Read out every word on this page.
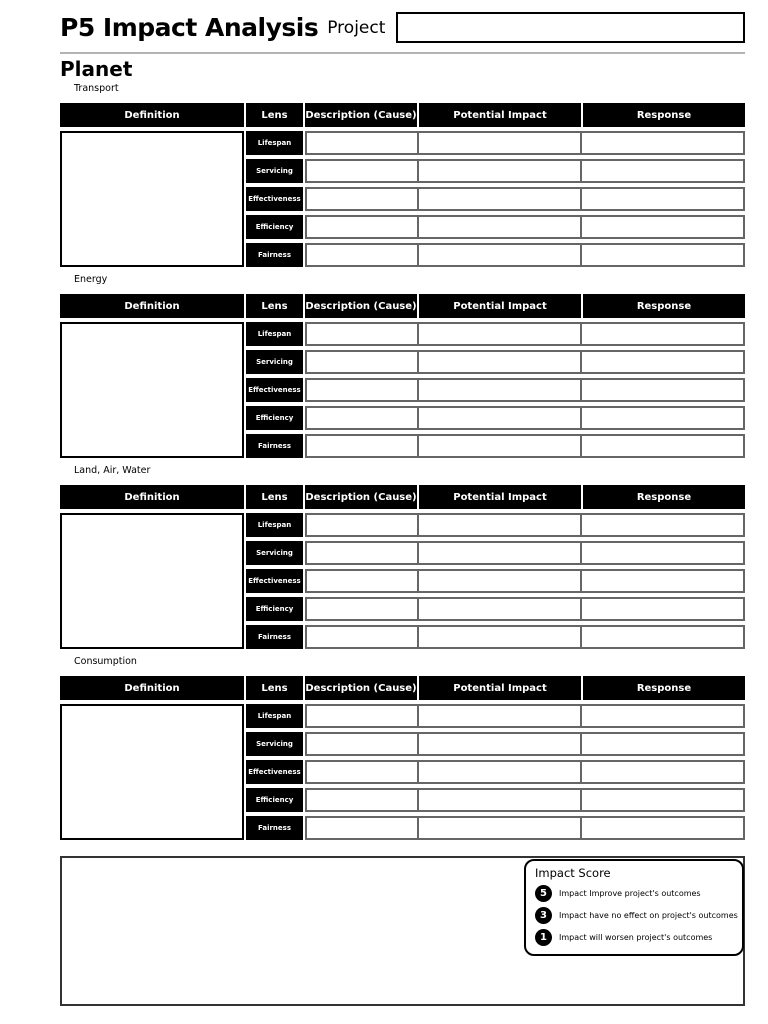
P5 Impact Analysis Project
Planet
Transport
Definition	Lens	Description (Cause)	Potential Impact	Response
Lifespan
Servicing
Effectiveness
Efficiency
Fairness
Energy
Definition	Lens	Description (Cause)	Potential Impact	Response
Lifespan
Servicing
Effectiveness
Efficiency
Fairness
Land, Air, Water
Definition	Lens	Description (Cause)	Potential Impact	Response
Lifespan
Servicing
Effectiveness
Efficiency
Fairness
Consumption
Definition	Lens	Description (Cause)	Potential Impact	Response
Lifespan
Servicing
Effectiveness
Efficiency
Fairness
Impact Score
5	Impact Improve project's outcomes
3	Impact have no effect on project's outcomes
1	Impact will worsen project's outcomes
